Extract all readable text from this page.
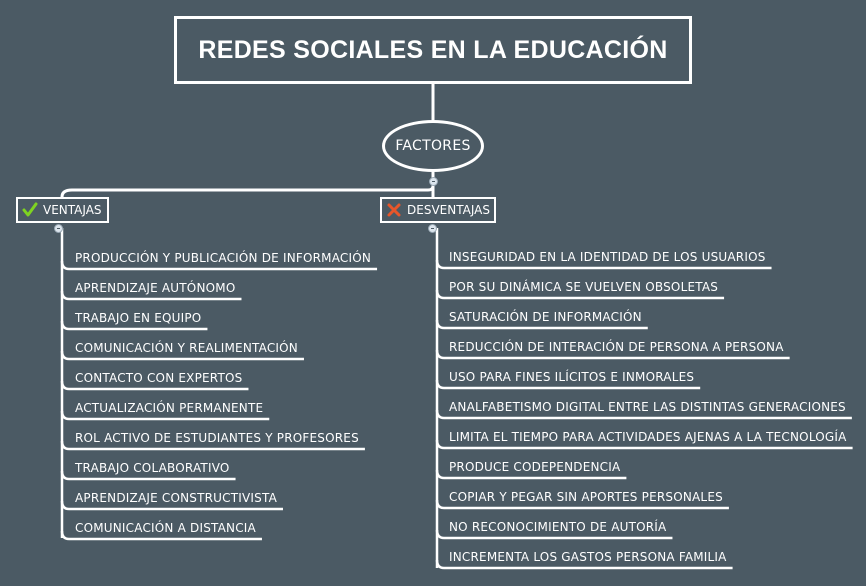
REDES SOCIALES EN LA EDUCACIÓN
FACTORES
VENTAJAS	DESVENTAJAS
PRODUCCIÓN Y PUBLICACIÓN DE INFORMACIÓN
APRENDIZAJE AUTÓNOMO
TRABAJO EN EQUIPO
COMUNICACIÓN Y REALIMENTACIÓN
CONTACTO CON EXPERTOS
ACTUALIZACIÓN PERMANENTE
ROL ACTIVO DE ESTUDIANTES Y PROFESORES
TRABAJO COLABORATIVO
APRENDIZAJE CONSTRUCTIVISTA
COMUNICACIÓN A DISTANCIA
INSEGURIDAD EN LA IDENTIDAD DE LOS USUARIOS
POR SU DINÁMICA SE VUELVEN OBSOLETAS
SATURACIÓN DE INFORMACIÓN
REDUCCIÓN DE INTERACIÓN DE PERSONA A PERSONA
USO PARA FINES ILÍCITOS E INMORALES
ANALFABETISMO DIGITAL ENTRE LAS DISTINTAS GENERACIONES
LIMITA EL TIEMPO PARA ACTIVIDADES AJENAS A LA TECNOLOGÍA
PRODUCE CODEPENDENCIA
COPIAR Y PEGAR SIN APORTES PERSONALES
NO RECONOCIMIENTO DE AUTORÍA
INCREMENTA LOS GASTOS PERSONA FAMILIA
